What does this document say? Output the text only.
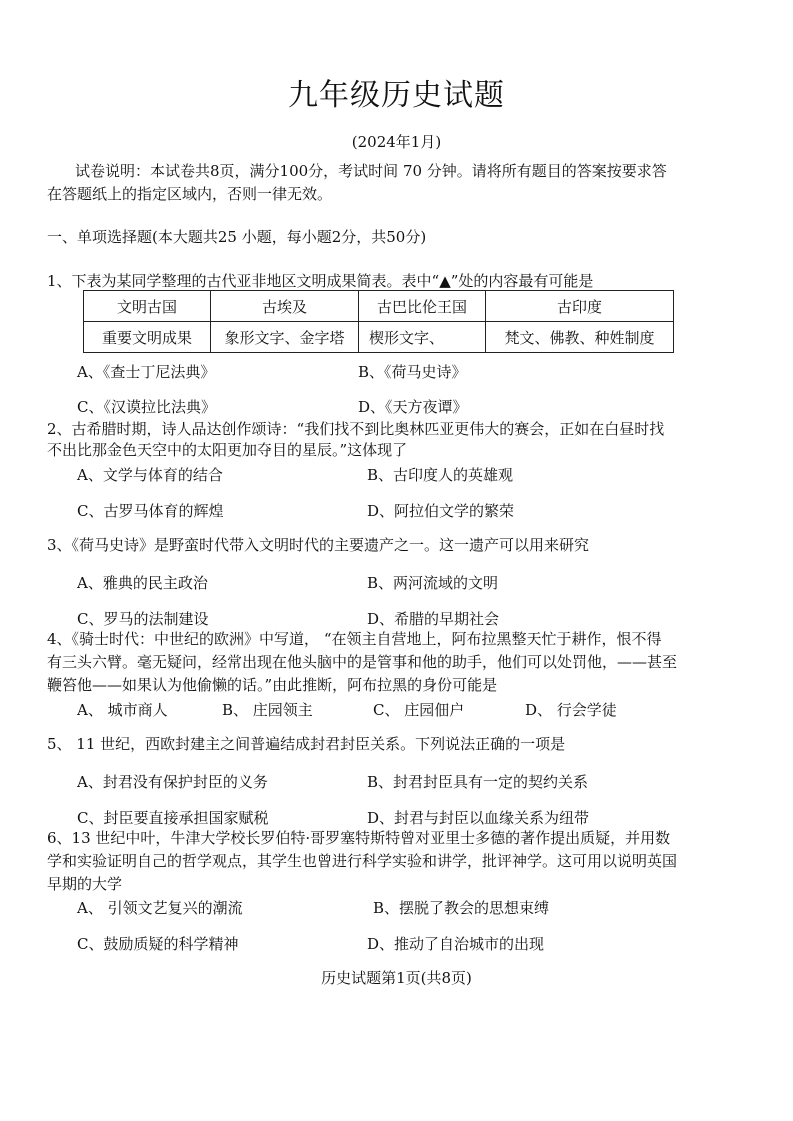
九年级历史试题
(2024年1月)
试卷说明：本试卷共8页，满分100分，考试时间 70 分钟。请将所有题目的答案按要求答
在答题纸上的指定区域内，否则一律无效。
一、单项选择题(本大题共25 小题，每小题2分，共50分)
1、下表为某同学整理的古代亚非地区文明成果简表。表中“▲”处的内容最有可能是
文明古国	古埃及	古巴比伦王国	古印度
重要文明成果	象形文字、金字塔	楔形文字、	梵文、佛教、种姓制度
A、《查士丁尼法典》	B、《荷马史诗》
C、《汉谟拉比法典》	D、《天方夜谭》
2、古希腊时期，诗人品达创作颂诗：“我们找不到比奥林匹亚更伟大的赛会，正如在白昼时找
不出比那金色天空中的太阳更加夺目的星辰。”这体现了
A、文学与体育的结合	B、古印度人的英雄观
C、古罗马体育的辉煌	D、阿拉伯文学的繁荣
3、《荷马史诗》是野蛮时代带入文明时代的主要遗产之一。这一遗产可以用来研究
A、雅典的民主政治	B、两河流域的文明
C、罗马的法制建设	D、希腊的早期社会
4、《骑士时代：中世纪的欧洲》中写道， “在领主自营地上，阿布拉黑整天忙于耕作，恨不得
有三头六臂。毫无疑问，经常出现在他头脑中的是管事和他的助手，他们可以处罚他，——甚至
鞭笞他——如果认为他偷懒的话。”由此推断，阿布拉黑的身份可能是
A、 城市商人	B、 庄园领主	C、 庄园佃户	D、 行会学徒
5、 11 世纪，西欧封建主之间普遍结成封君封臣关系。下列说法正确的一项是
A、封君没有保护封臣的义务	B、封君封臣具有一定的契约关系
C、封臣要直接承担国家赋税	D、封君与封臣以血缘关系为纽带
6、13 世纪中叶，牛津大学校长罗伯特·哥罗塞特斯特曾对亚里士多德的著作提出质疑，并用数
学和实验证明自己的哲学观点，其学生也曾进行科学实验和讲学，批评神学。这可用以说明英国
早期的大学
A、 引领文艺复兴的潮流	B、摆脱了教会的思想束缚
C、鼓励质疑的科学精神	D、推动了自治城市的出现
历史试题第1页(共8页)
